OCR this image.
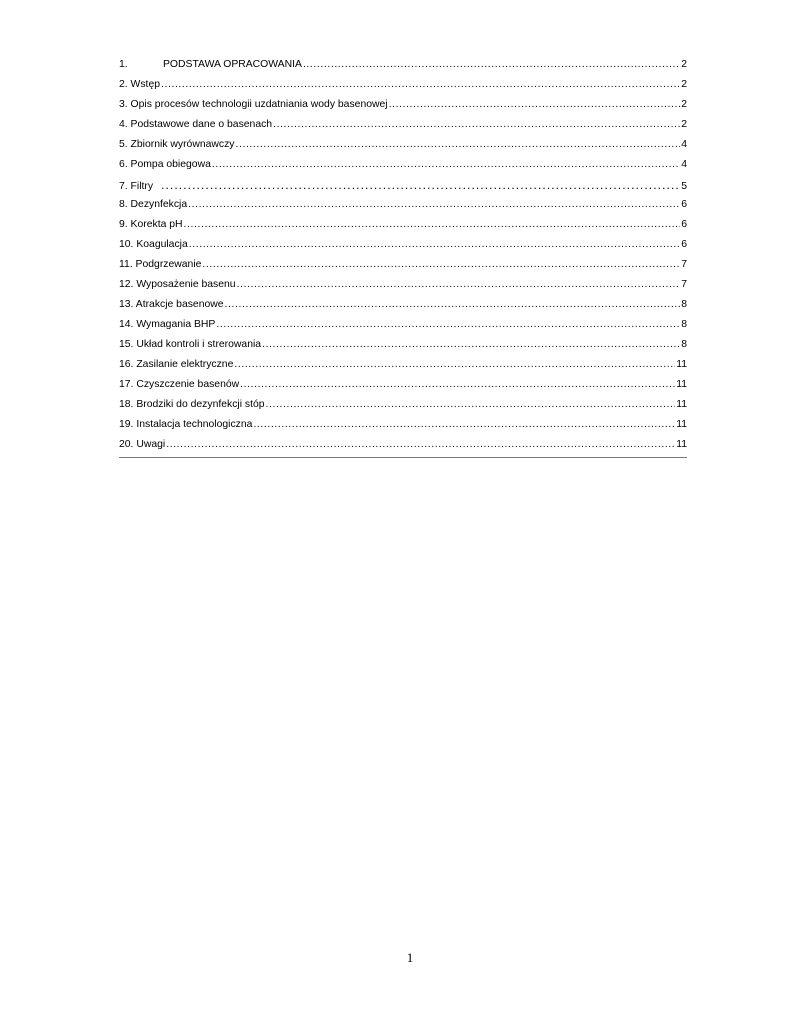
1.	PODSTAWA OPRACOWANIA .....	2
2. Wstęp .....	2
3. Opis procesów technologii uzdatniania wody basenowej .....	2
4. Podstawowe dane o basenach .....	2
5. Zbiornik wyrównawczy .....	4
6. Pompa obiegowa .....	4
7. Filtry .....	5
8. Dezynfekcja .....	6
9. Korekta pH .....	6
10. Koagulacja .....	6
11. Podgrzewanie .....	7
12. Wyposażenie basenu .....	7
13. Atrakcje basenowe .....	8
14. Wymagania BHP .....	8
15. Układ kontroli i strerowania .....	8
16. Zasilanie elektryczne .....	11
17. Czyszczenie basenów .....	11
18. Brodziki do dezynfekcji stóp .....	11
19. Instalacja technologiczna .....	11
20. Uwagi .....	11
1
